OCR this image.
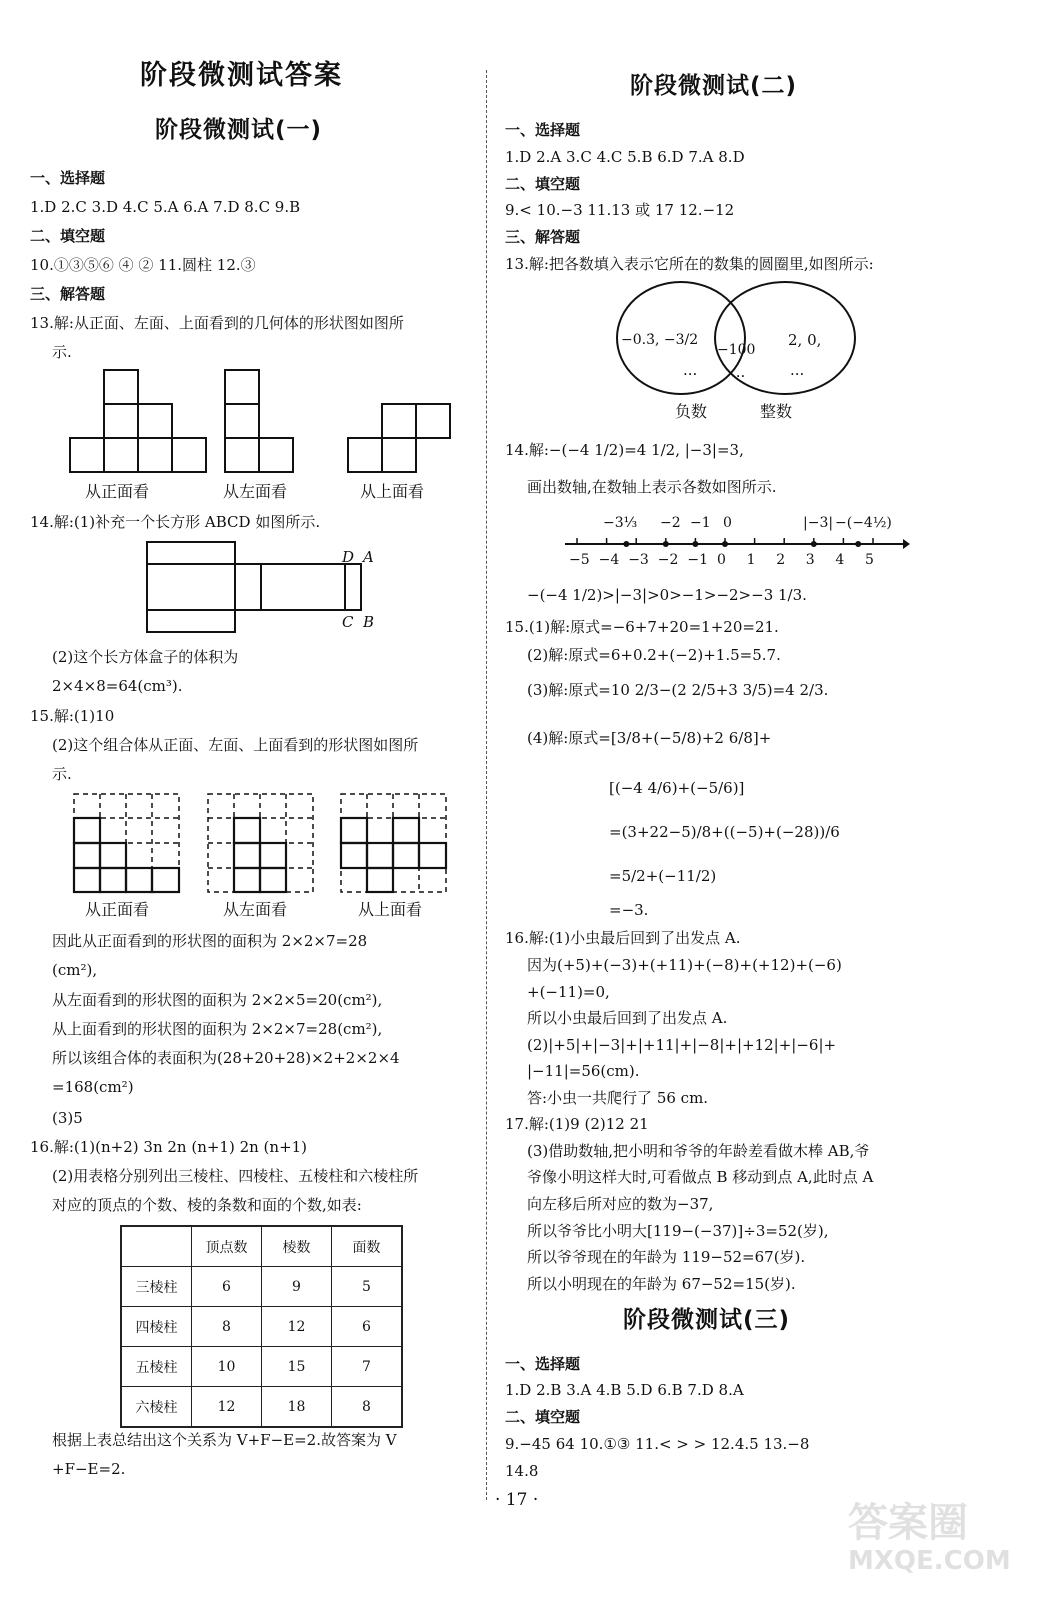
阶段微测试答案
阶段微测试(一)
一、选择题
1.D 2.C 3.D 4.C 5.A 6.A 7.D 8.C 9.B
二、填空题
10.①③⑤⑥ ④ ② 11.圆柱 12.③
三、解答题
13.解:从正面、左面、上面看到的几何体的形状图如图所
示.
从正面看	从左面看	从上面看
14.解:(1)补充一个长方形 ABCD 如图所示.
D A
C B
(2)这个长方体盒子的体积为
2×4×8=64(cm³).
15.解:(1)10
(2)这个组合体从正面、左面、上面看到的形状图如图所
示.
从正面看	从左面看	从上面看
因此从正面看到的形状图的面积为 2×2×7=28
(cm²),
从左面看到的形状图的面积为 2×2×5=20(cm²),
从上面看到的形状图的面积为 2×2×7=28(cm²),
所以该组合体的表面积为(28+20+28)×2+2×2×4
=168(cm²)
(3)5
16.解:(1)(n+2) 3n 2n (n+1) 2n (n+1)
(2)用表格分别列出三棱柱、四棱柱、五棱柱和六棱柱所
对应的顶点的个数、棱的条数和面的个数,如表:
	顶点数	棱数	面数
三棱柱	6	9	5
四棱柱	8	12	6
五棱柱	10	15	7
六棱柱	12	18	8
根据上表总结出这个关系为 V+F−E=2.故答案为 V
+F−E=2.
阶段微测试(二)
一、选择题
1.D 2.A 3.C 4.C 5.B 6.D 7.A 8.D
二、填空题
9.< 10.−3 11.13 或 17 12.−12
三、解答题
13.解:把各数填入表示它所在的数集的圆圈里,如图所示:
−0.3̇, −3/2
...
−100
...
2, 0,
...
负数	整数
14.解:−(−4 1/2)=4 1/2, |−3|=3,
画出数轴,在数轴上表示各数如图所示.
−3⅓ −2 −1 0	|−3| −(−4½)
−(−4 1/2)>|−3|>0>−1>−2>−3 1/3.
15.(1)解:原式=−6+7+20=1+20=21.
(2)解:原式=6+0.2+(−2)+1.5=5.7.
(3)解:原式=10 2/3−(2 2/5+3 3/5)=4 2/3.
(4)解:原式=[3/8+(−5/8)+2 6/8]+
[(−4 4/6)+(−5/6)]
=(3+22−5)/8+((−5)+(−28))/6
=5/2+(−11/2)
=−3.
16.解:(1)小虫最后回到了出发点 A.
因为(+5)+(−3)+(+11)+(−8)+(+12)+(−6)
+(−11)=0,
所以小虫最后回到了出发点 A.
(2)|+5|+|−3|+|+11|+|−8|+|+12|+|−6|+
|−11|=56(cm).
答:小虫一共爬行了 56 cm.
17.解:(1)9 (2)12 21
(3)借助数轴,把小明和爷爷的年龄差看做木棒 AB,爷
爷像小明这样大时,可看做点 B 移动到点 A,此时点 A
向左移后所对应的数为−37,
所以爷爷比小明大[119−(−37)]÷3=52(岁),
所以爷爷现在的年龄为 119−52=67(岁).
所以小明现在的年龄为 67−52=15(岁).
阶段微测试(三)
一、选择题
1.D 2.B 3.A 4.B 5.D 6.B 7.D 8.A
二、填空题
9.−45 64 10.①③ 11.< > > 12.4.5 13.−8
14.8
· 17 ·	答案圈
MXQE.COM
−5 −4 −3 −2 −1 0 1 2 3 4 5
